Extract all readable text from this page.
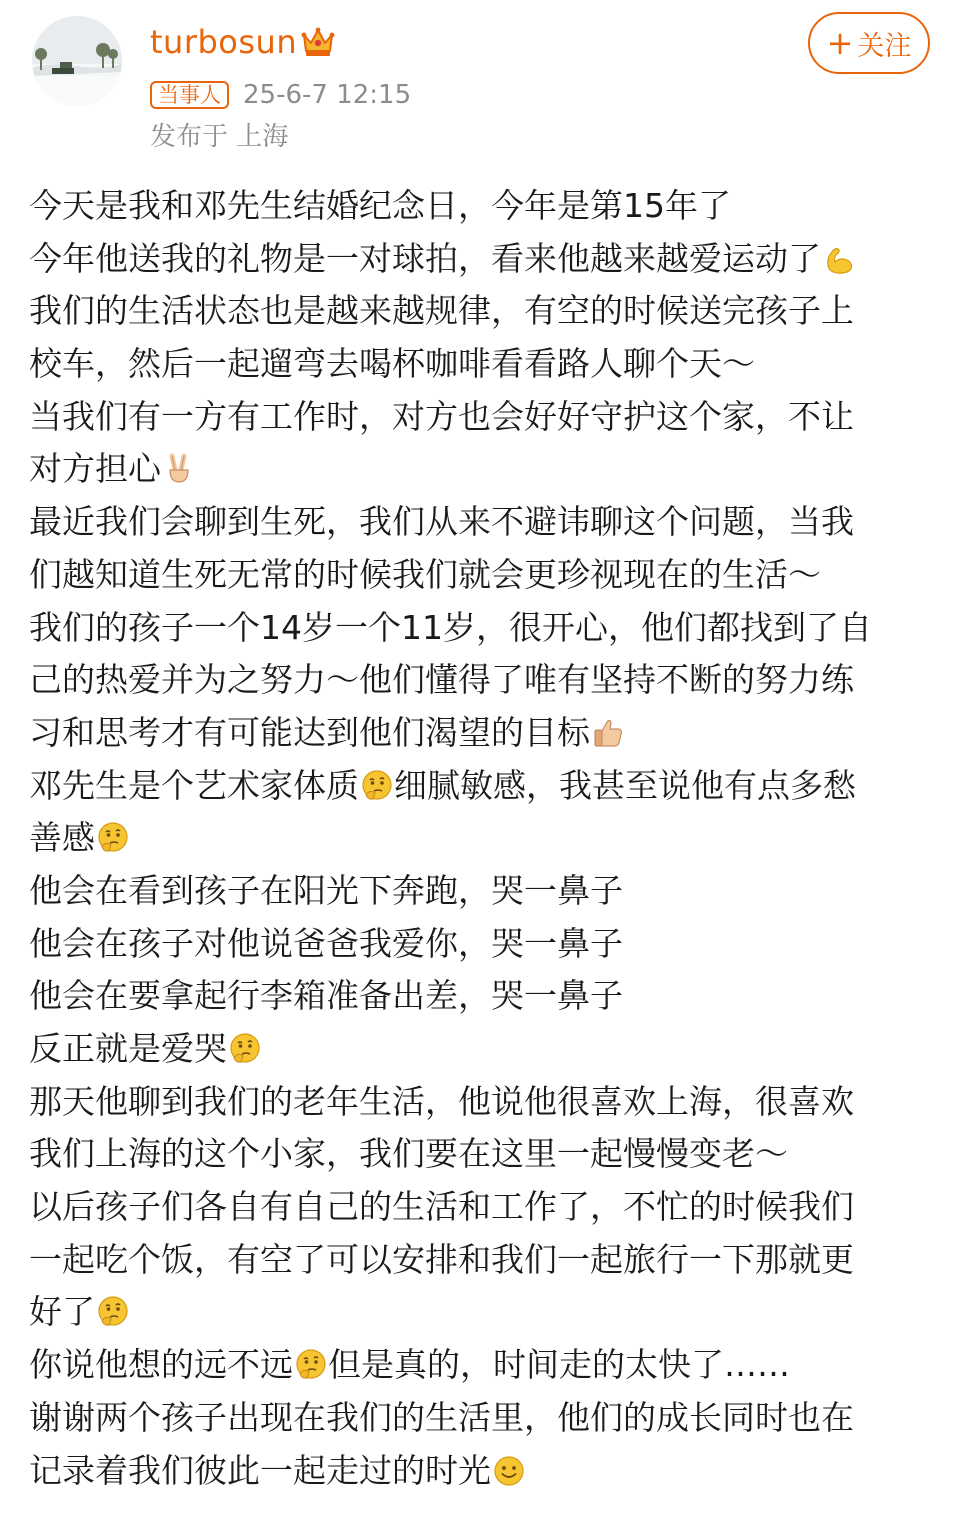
turbosun
当事人 25-6-7 12:15
发布于 上海
+ 关注
今天是我和邓先生结婚纪念日，今年是第15年了
今年他送我的礼物是一对球拍，看来他越来越爱运动了
我们的生活状态也是越来越规律，有空的时候送完孩子上
校车，然后一起遛弯去喝杯咖啡看看路人聊个天～
当我们有一方有工作时，对方也会好好守护这个家，不让
对方担心
最近我们会聊到生死，我们从来不避讳聊这个问题，当我
们越知道生死无常的时候我们就会更珍视现在的生活～
我们的孩子一个14岁一个11岁，很开心，他们都找到了自
己的热爱并为之努力～他们懂得了唯有坚持不断的努力练
习和思考才有可能达到他们渴望的目标
邓先生是个艺术家体质 细腻敏感，我甚至说他有点多愁
善感
他会在看到孩子在阳光下奔跑，哭一鼻子
他会在孩子对他说爸爸我爱你，哭一鼻子
他会在要拿起行李箱准备出差，哭一鼻子
反正就是爱哭
那天他聊到我们的老年生活，他说他很喜欢上海，很喜欢
我们上海的这个小家，我们要在这里一起慢慢变老～
以后孩子们各自有自己的生活和工作了，不忙的时候我们
一起吃个饭，有空了可以安排和我们一起旅行一下那就更
好了
你说他想的远不远 但是真的，时间走的太快了……
谢谢两个孩子出现在我们的生活里，他们的成长同时也在
记录着我们彼此一起走过的时光
